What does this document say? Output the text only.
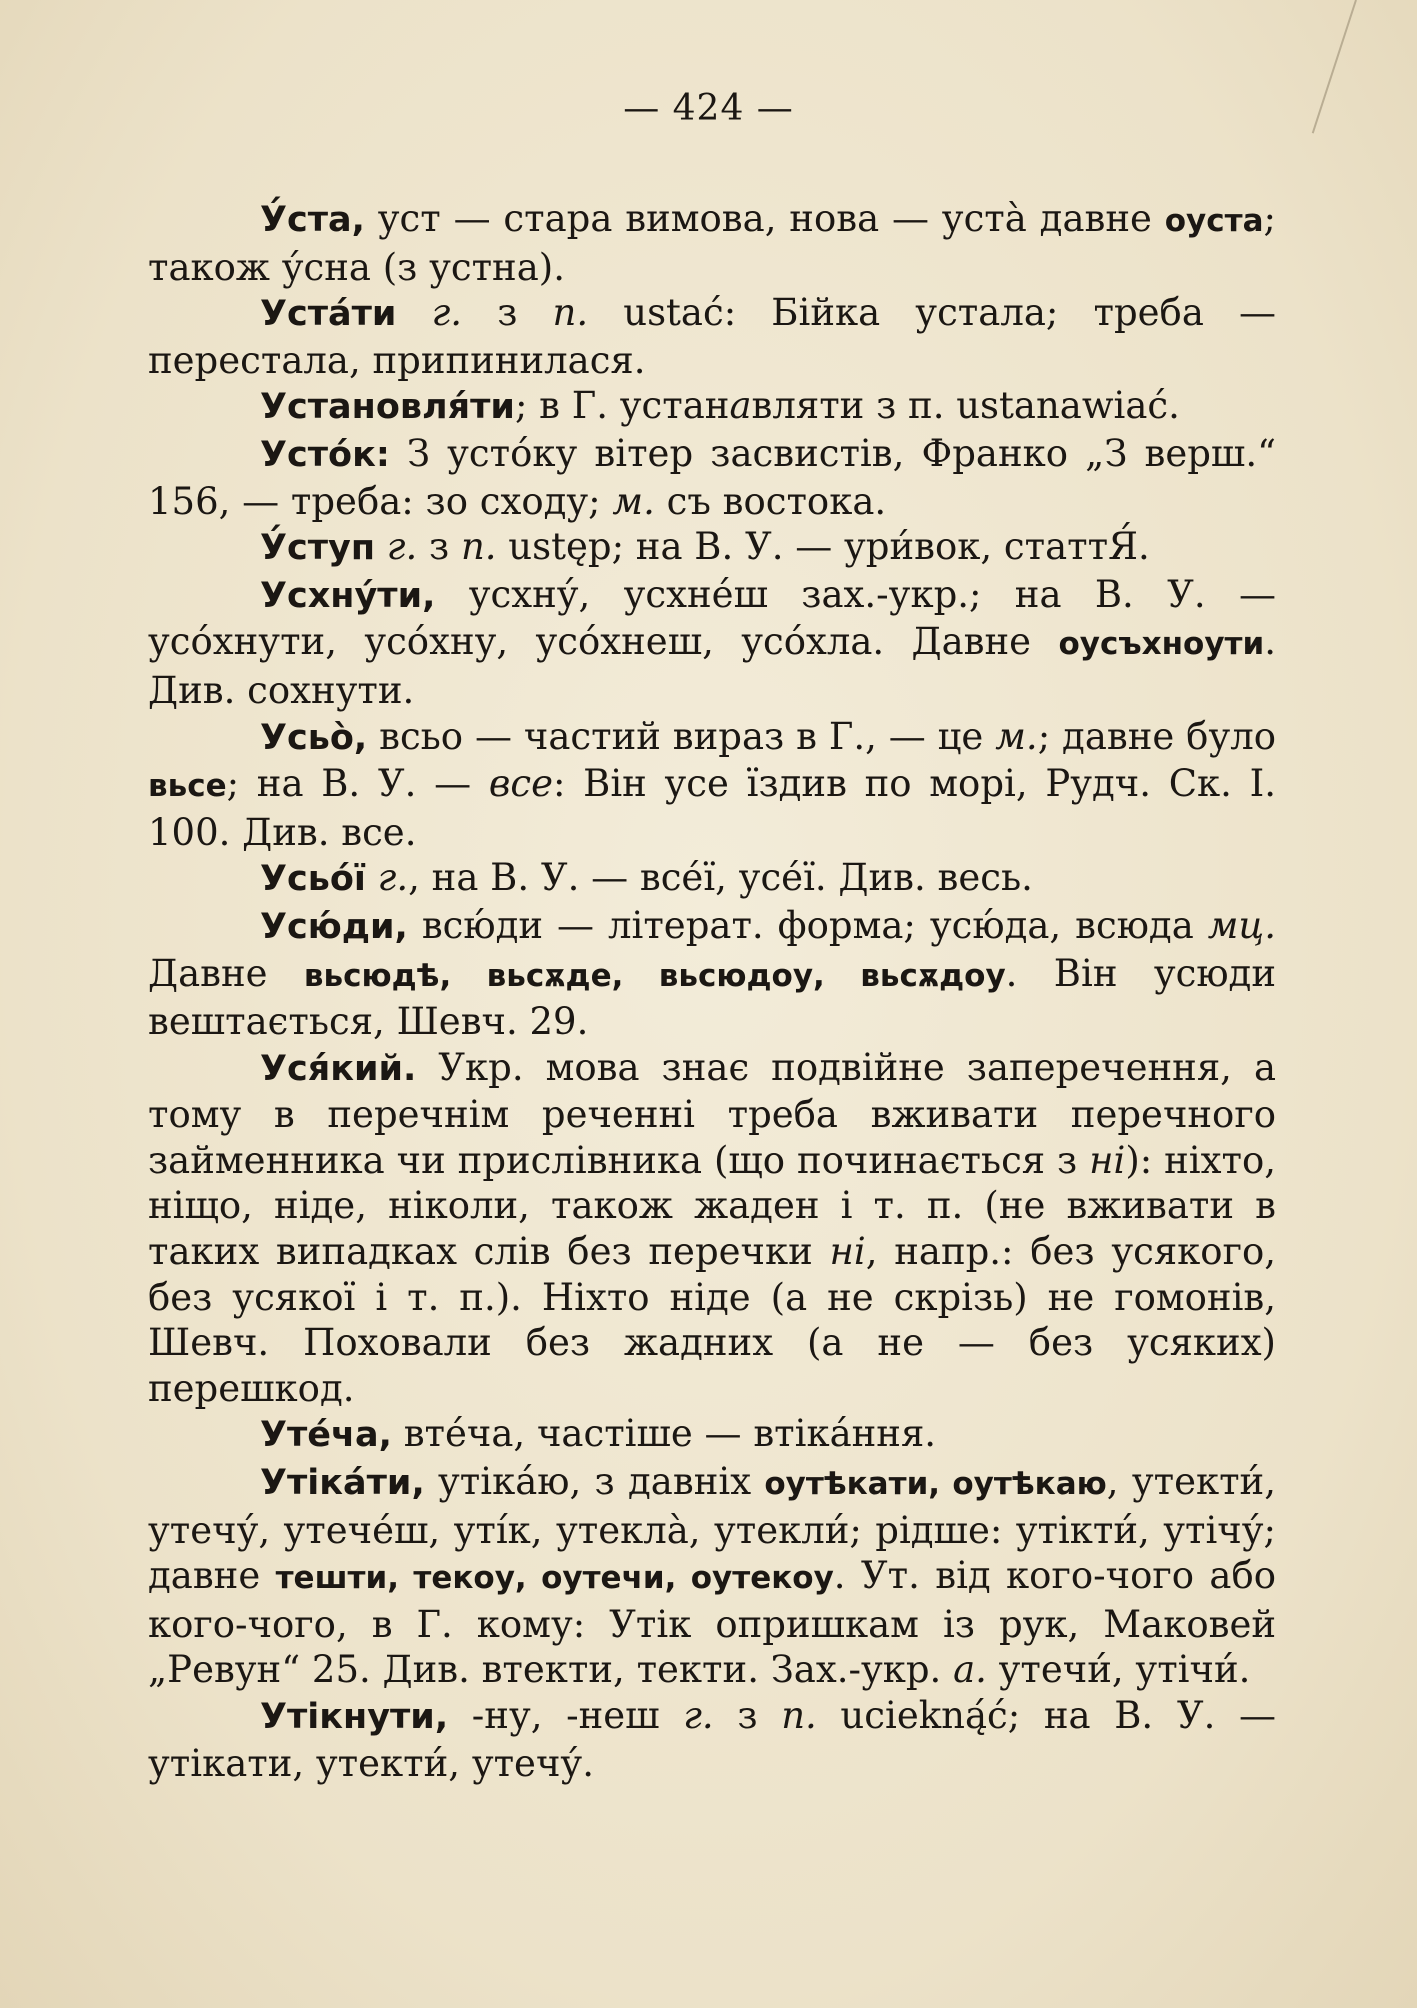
— 424 —

У́ста, уст — стара вимова, нова — уста̀ давне оуста; також у́сна (з устна).

Уста́ти г. з п. ustać: Бійка устала; треба — перестала, припинилася.

Установля́ти; в Г. устанавляти з п. ustanawiać.

Усто́к: З усто́ку вітер засвистів, Франко „З верш.“ 156, — треба: зо сходу; м. съ востока.

У́ступ г. з п. ustęp; на В. У. — ури́вок, статтЯ́.

Усхну́ти, усхну́, усхне́ш зах.-укр.; на В. У. — усо́хнути, усо́хну, усо́хнеш, усо́хла. Давне оусъхноути. Див. сохнути.

Усьо̀, всьо — частий вираз в Г., — це м.; давне було вьсе; на В. У. — все: Він усе їздив по морі, Рудч. Ск. І. 100. Див. все.

Усьо́ї г., на В. У. — все́ї, усе́ї. Див. весь.

Усю́ди, всю́ди — літерат. форма; усю́да, всюда мц. Давне вьсюдѣ, вьсѫде, вьсюдоу, вьсѫдоу. Він усюди вештається, Шевч. 29.

Уся́кий. Укр. мова знає подвійне заперечення, а тому в перечнім реченні треба вживати перечного займенника чи прислівника (що починається з ні): ніхто, ніщо, ніде, ніколи, також жаден і т. п. (не вживати в таких випадках слів без перечки ні, напр.: без усякого, без усякої і т. п.). Ніхто ніде (а не скрізь) не гомонів, Шевч. Поховали без жадних (а не — без усяких) перешкод.

Уте́ча, вте́ча, частіше — втіка́ння.

Утіка́ти, утіка́ю, з давніх оутѣкати, оутѣкаю, утекти́, утечу́, утече́ш, уті́к, утекла̀, утекли́; рідше: утікти́, утічу́; давне тешти, текоу, оутечи, оутекоу. Ут. від кого-чого або кого-чого, в Г. кому: Утік опришкам із рук, Маковей „Ревун“ 25. Див. втекти, текти. Зах.-укр. а. утечи́, утічи́.

Утікнути, -ну, -неш г. з п. uciekną́ć; на В. У. — утікати, утекти́, утечу́.
